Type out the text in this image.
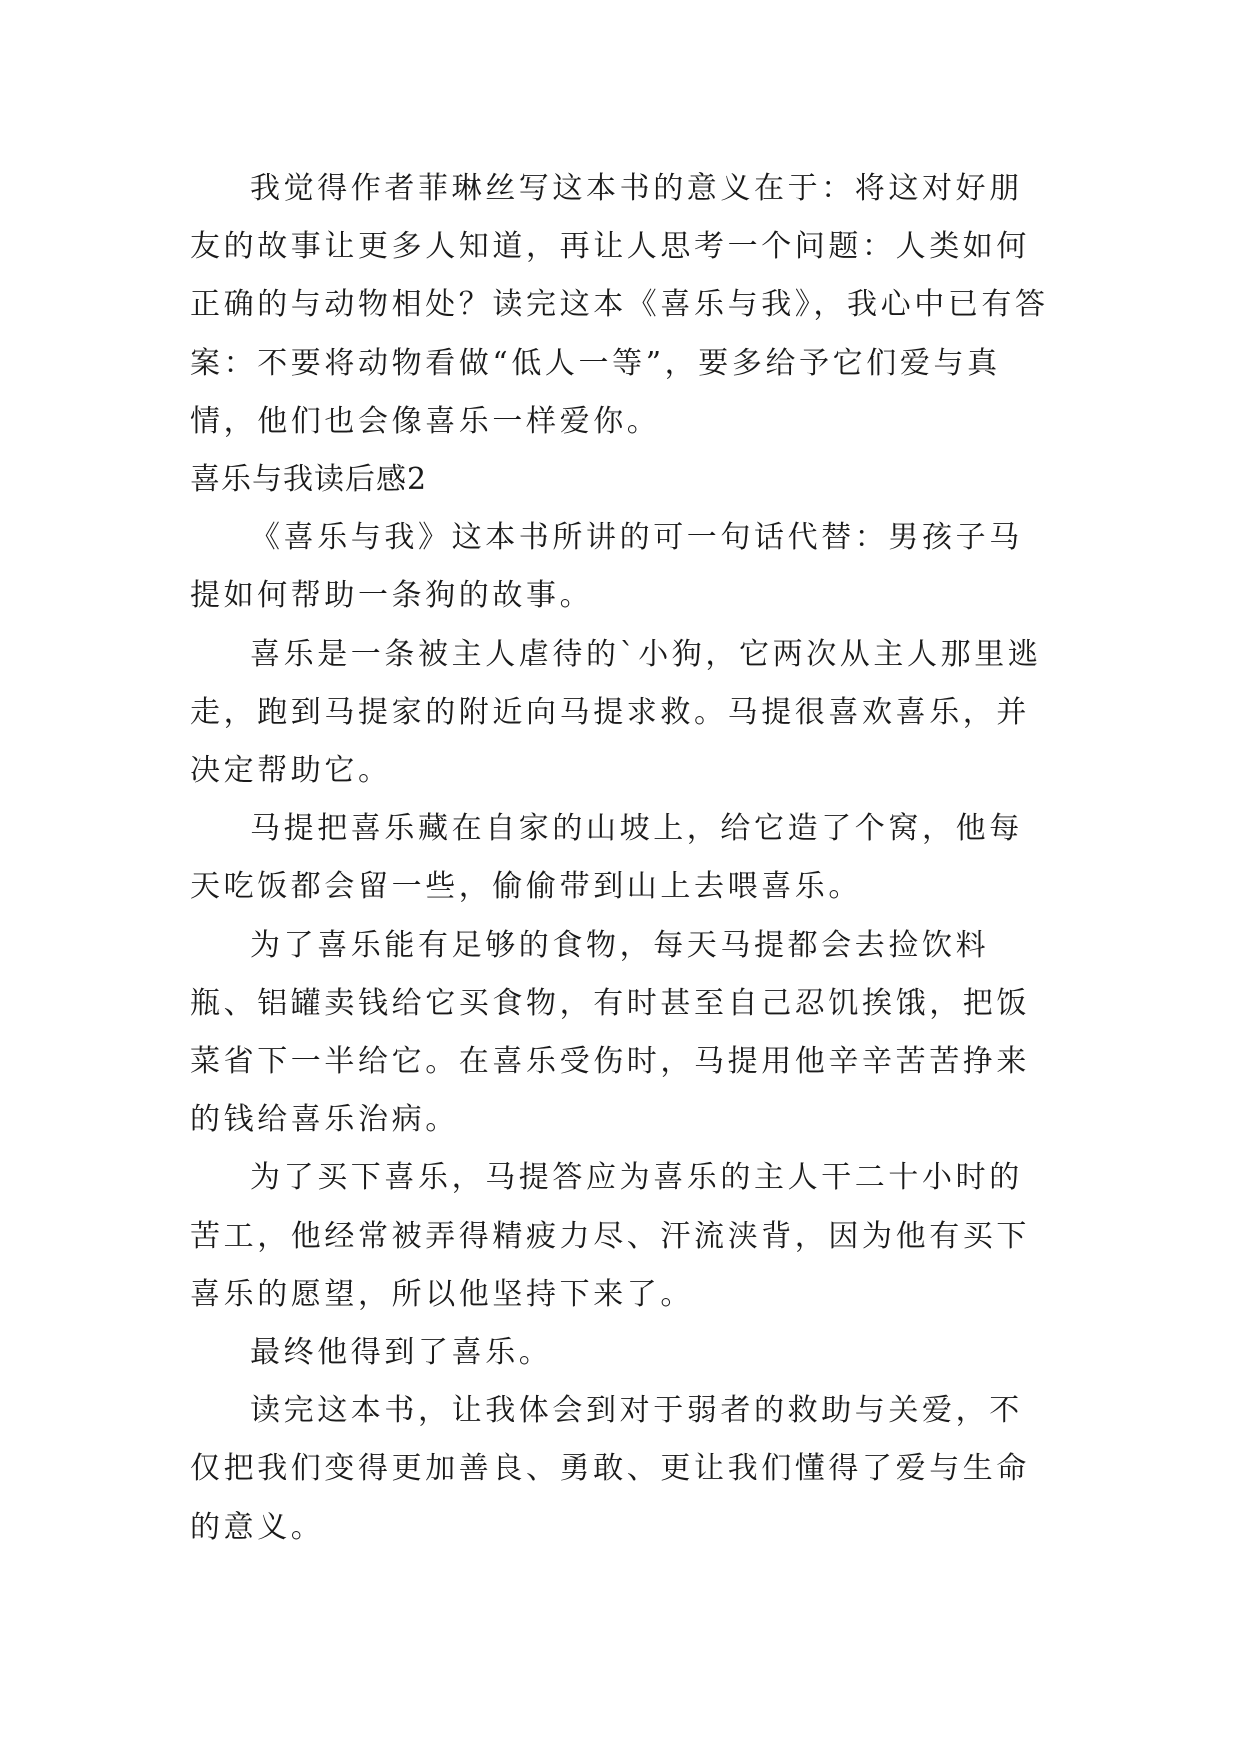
我觉得作者菲琳丝写这本书的意义在于：将这对好朋友的故事让更多人知道，再让人思考一个问题：人类如何正确的与动物相处？读完这本《喜乐与我》，我心中已有答案：不要将动物看做“低人一等”，要多给予它们爱与真情，他们也会像喜乐一样爱你。

喜乐与我读后感2

《喜乐与我》这本书所讲的可一句话代替：男孩子马提如何帮助一条狗的故事。

喜乐是一条被主人虐待的`小狗，它两次从主人那里逃走，跑到马提家的附近向马提求救。马提很喜欢喜乐，并决定帮助它。

马提把喜乐藏在自家的山坡上，给它造了个窝，他每天吃饭都会留一些，偷偷带到山上去喂喜乐。

为了喜乐能有足够的食物，每天马提都会去捡饮料瓶、铝罐卖钱给它买食物，有时甚至自己忍饥挨饿，把饭菜省下一半给它。在喜乐受伤时，马提用他辛辛苦苦挣来的钱给喜乐治病。

为了买下喜乐，马提答应为喜乐的主人干二十小时的苦工，他经常被弄得精疲力尽、汗流浃背，因为他有买下喜乐的愿望，所以他坚持下来了。

最终他得到了喜乐。

读完这本书，让我体会到对于弱者的救助与关爱，不仅把我们变得更加善良、勇敢、更让我们懂得了爱与生命的意义。
